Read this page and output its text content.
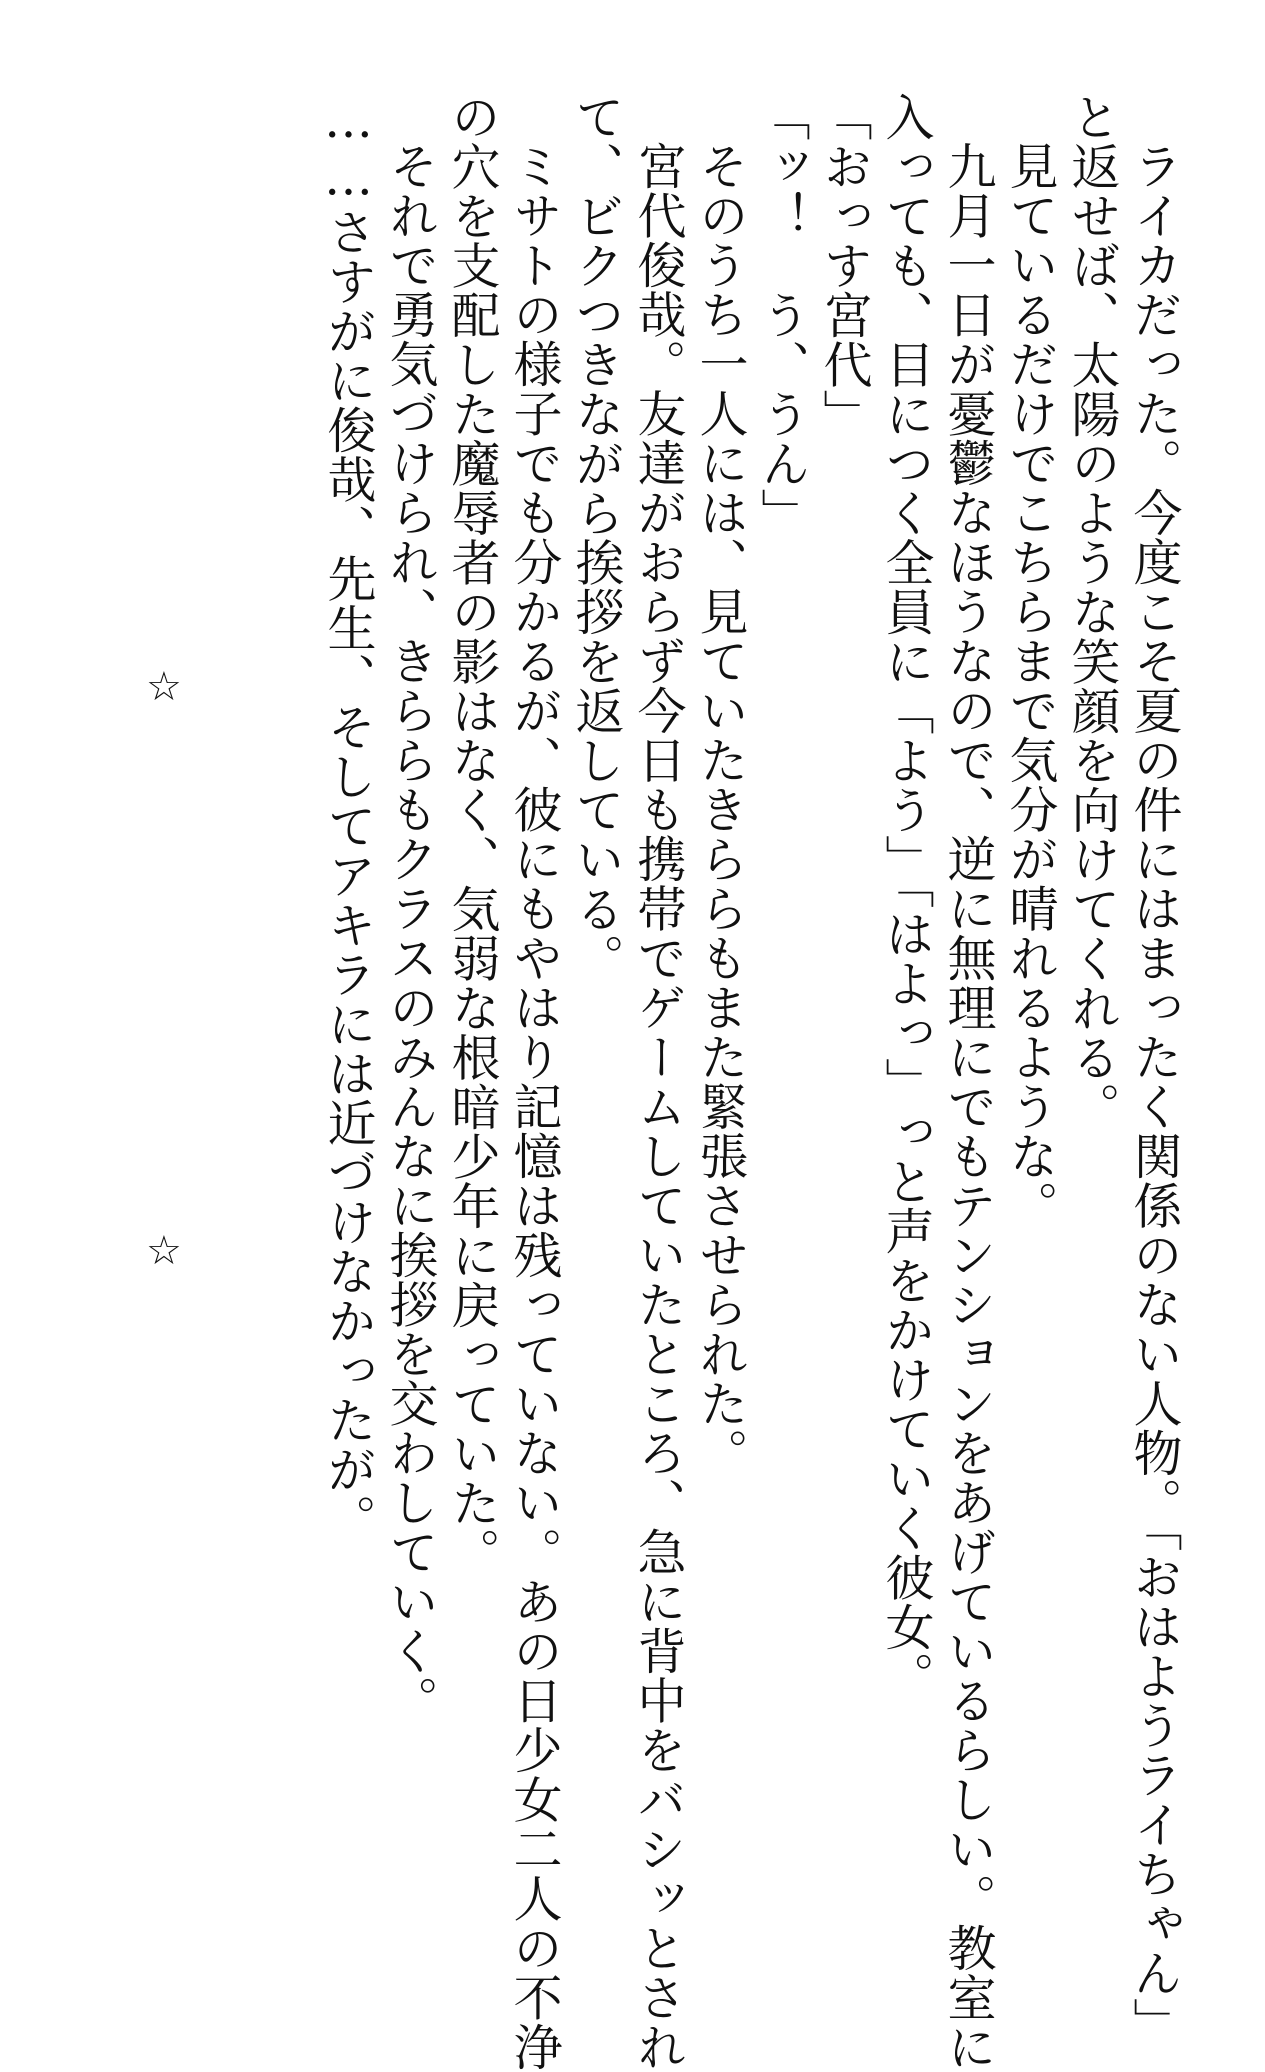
ライカだった。今度こそ夏の件にはまったく関係のない人物。「おはようライちゃん」
と返せば、太陽のような笑顔を向けてくれる。
見ているだけでこちらまで気分が晴れるような。
九月一日が憂鬱なほうなので、逆に無理にでもテンションをあげているらしい。教室に
入っても、目につく全員に「よう」「はよっ」っと声をかけていく彼女。
「おっす宮代」
「ッ！　う、うん」
そのうち一人には、見ていたきららもまた緊張させられた。
宮代俊哉。友達がおらず今日も携帯でゲームしていたところ、急に背中をバシッとされ
て、ビクつきながら挨拶を返している。
ミサトの様子でも分かるが、彼にもやはり記憶は残っていない。あの日少女二人の不浄
の穴を支配した魔辱者の影はなく、気弱な根暗少年に戻っていた。
それで勇気づけられ、きららもクラスのみんなに挨拶を交わしていく。
……さすがに俊哉、先生、そしてアキラには近づけなかったが。
☆
☆
